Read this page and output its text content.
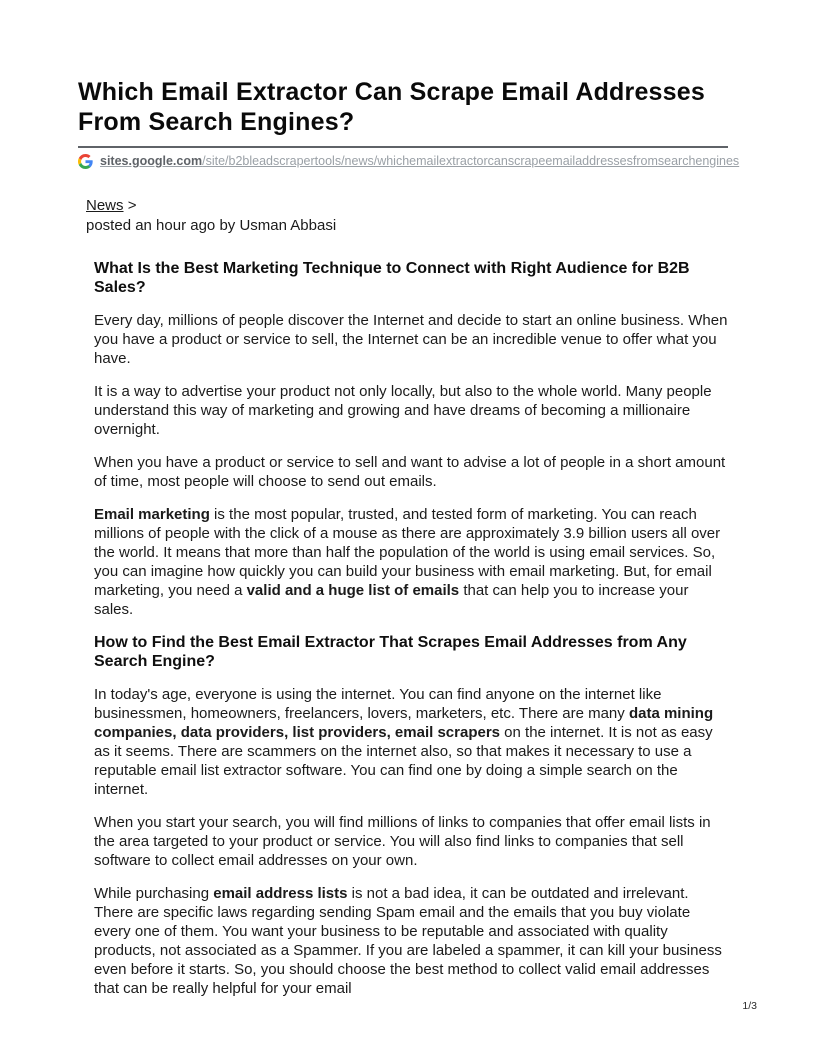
Which Email Extractor Can Scrape Email Addresses From Search Engines?
sites.google.com/site/b2bleadscrapertools/news/whichemailextractorcanscrapeemailaddressesfromsearchengines
News >
posted an hour ago by Usman Abbasi
What Is the Best Marketing Technique to Connect with Right Audience for B2B Sales?

Every day, millions of people discover the Internet and decide to start an online business. When you have a product or service to sell, the Internet can be an incredible venue to offer what you have.

It is a way to advertise your product not only locally, but also to the whole world. Many people understand this way of marketing and growing and have dreams of becoming a millionaire overnight.

When you have a product or service to sell and want to advise a lot of people in a short amount of time, most people will choose to send out emails.

Email marketing is the most popular, trusted, and tested form of marketing. You can reach millions of people with the click of a mouse as there are approximately 3.9 billion users all over the world. It means that more than half the population of the world is using email services. So, you can imagine how quickly you can build your business with email marketing. But, for email marketing, you need a valid and a huge list of emails that can help you to increase your sales.

How to Find the Best Email Extractor That Scrapes Email Addresses from Any Search Engine?

In today's age, everyone is using the internet. You can find anyone on the internet like businessmen, homeowners, freelancers, lovers, marketers, etc. There are many data mining companies, data providers, list providers, email scrapers on the internet. It is not as easy as it seems. There are scammers on the internet also, so that makes it necessary to use a reputable email list extractor software. You can find one by doing a simple search on the internet.

When you start your search, you will find millions of links to companies that offer email lists in the area targeted to your product or service. You will also find links to companies that sell software to collect email addresses on your own.

While purchasing email address lists is not a bad idea, it can be outdated and irrelevant. There are specific laws regarding sending Spam email and the emails that you buy violate every one of them. You want your business to be reputable and associated with quality products, not associated as a Spammer. If you are labeled a spammer, it can kill your business even before it starts. So, you should choose the best method to collect valid email addresses that can be really helpful for your email

1/3
